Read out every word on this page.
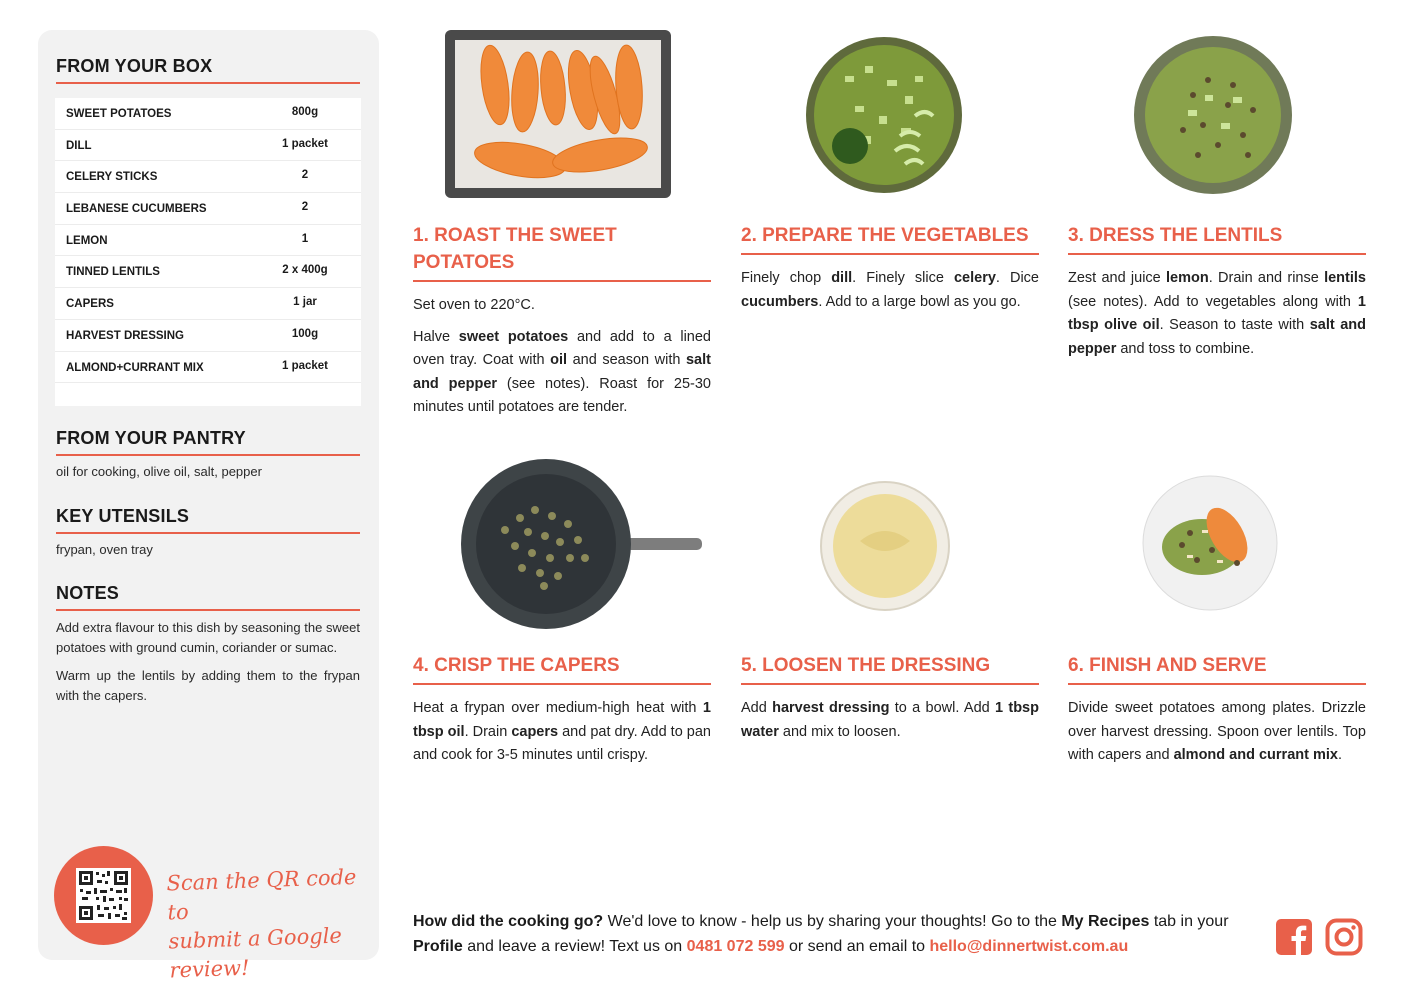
FROM YOUR BOX
SWEET POTATOES	800g
DILL	1 packet
CELERY STICKS	2
LEBANESE CUCUMBERS	2
LEMON	1
TINNED LENTILS	2 x 400g
CAPERS	1 jar
HARVEST DRESSING	100g
ALMOND+CURRANT MIX	1 packet
FROM YOUR PANTRY
oil for cooking, olive oil, salt, pepper
KEY UTENSILS
frypan, oven tray
NOTES

Add extra flavour to this dish by seasoning the sweet potatoes with ground cumin, coriander or sumac.

Warm up the lentils by adding them to the frypan with the capers.

Scan the QR code to
submit a Google review!
1. ROAST THE SWEET POTATOES

Set oven to 220°C.

Halve sweet potatoes and add to a lined oven tray. Coat with oil and season with salt and pepper (see notes). Roast for 25-30 minutes until potatoes are tender.

2. PREPARE THE VEGETABLES

Finely chop dill. Finely slice celery. Dice cucumbers. Add to a large bowl as you go.

3. DRESS THE LENTILS

Zest and juice lemon. Drain and rinse lentils (see notes). Add to vegetables along with 1 tbsp olive oil. Season to taste with salt and pepper and toss to combine.

4. CRISP THE CAPERS

Heat a frypan over medium-high heat with 1 tbsp oil. Drain capers and pat dry. Add to pan and cook for 3-5 minutes until crispy.

5. LOOSEN THE DRESSING

Add harvest dressing to a bowl. Add 1 tbsp water and mix to loosen.

6. FINISH AND SERVE

Divide sweet potatoes among plates. Drizzle over harvest dressing. Spoon over lentils. Top with capers and almond and currant mix.

How did the cooking go? We'd love to know - help us by sharing your thoughts! Go to the My Recipes tab in your Profile and leave a review! Text us on 0481 072 599 or send an email to hello@dinnertwist.com.au
